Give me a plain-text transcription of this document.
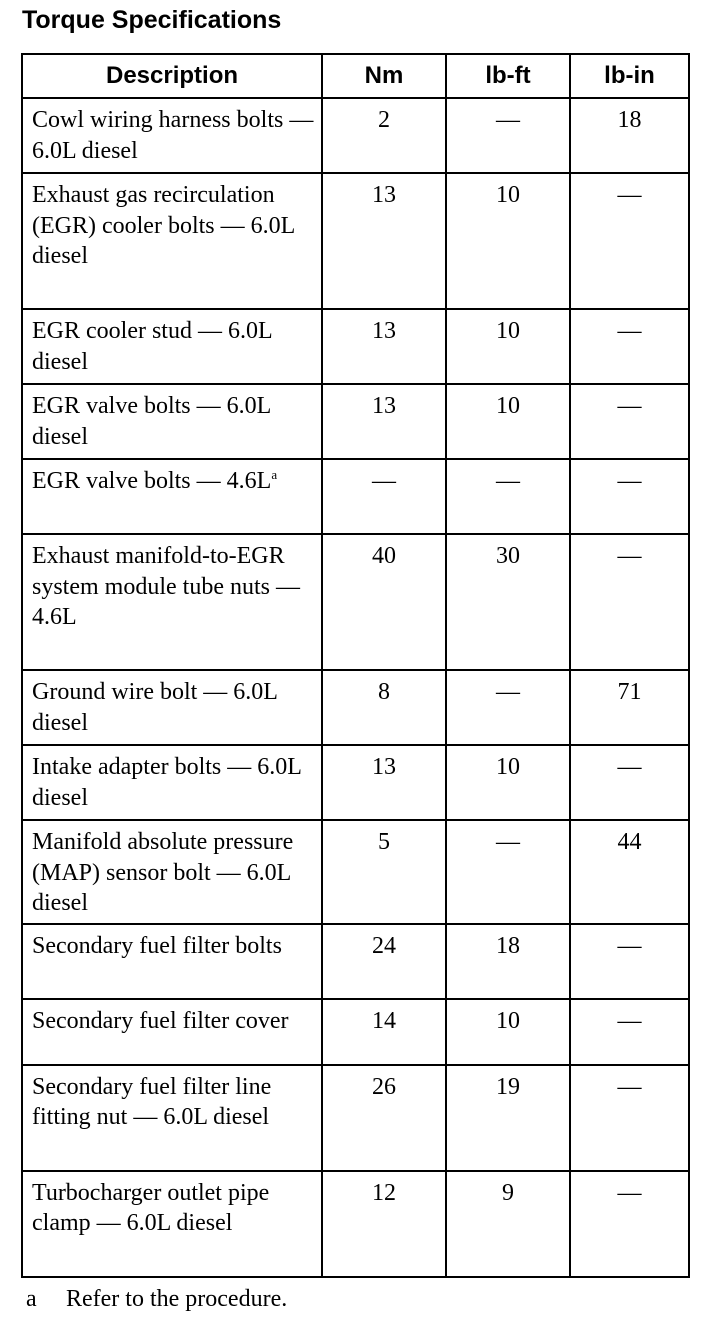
Torque Specifications
Description	Nm	lb-ft	lb-in
Cowl wiring harness bolts — 6.0L diesel	2	—	18
Exhaust gas recirculation (EGR) cooler bolts — 6.0L diesel	13	10	—
EGR cooler stud — 6.0L diesel	13	10	—
EGR valve bolts — 6.0L diesel	13	10	—
EGR valve bolts — 4.6L$^a$	—	—	—
Exhaust manifold-to-EGR system module tube nuts — 4.6L	40	30	—
Ground wire bolt — 6.0L diesel	8	—	71
Intake adapter bolts — 6.0L diesel	13	10	—
Manifold absolute pressure (MAP) sensor bolt — 6.0L diesel	5	—	44
Secondary fuel filter bolts	24	18	—
Secondary fuel filter cover	14	10	—
Secondary fuel filter line fitting nut — 6.0L diesel	26	19	—
Turbocharger outlet pipe clamp — 6.0L diesel	12	9	—
a Refer to the procedure.
